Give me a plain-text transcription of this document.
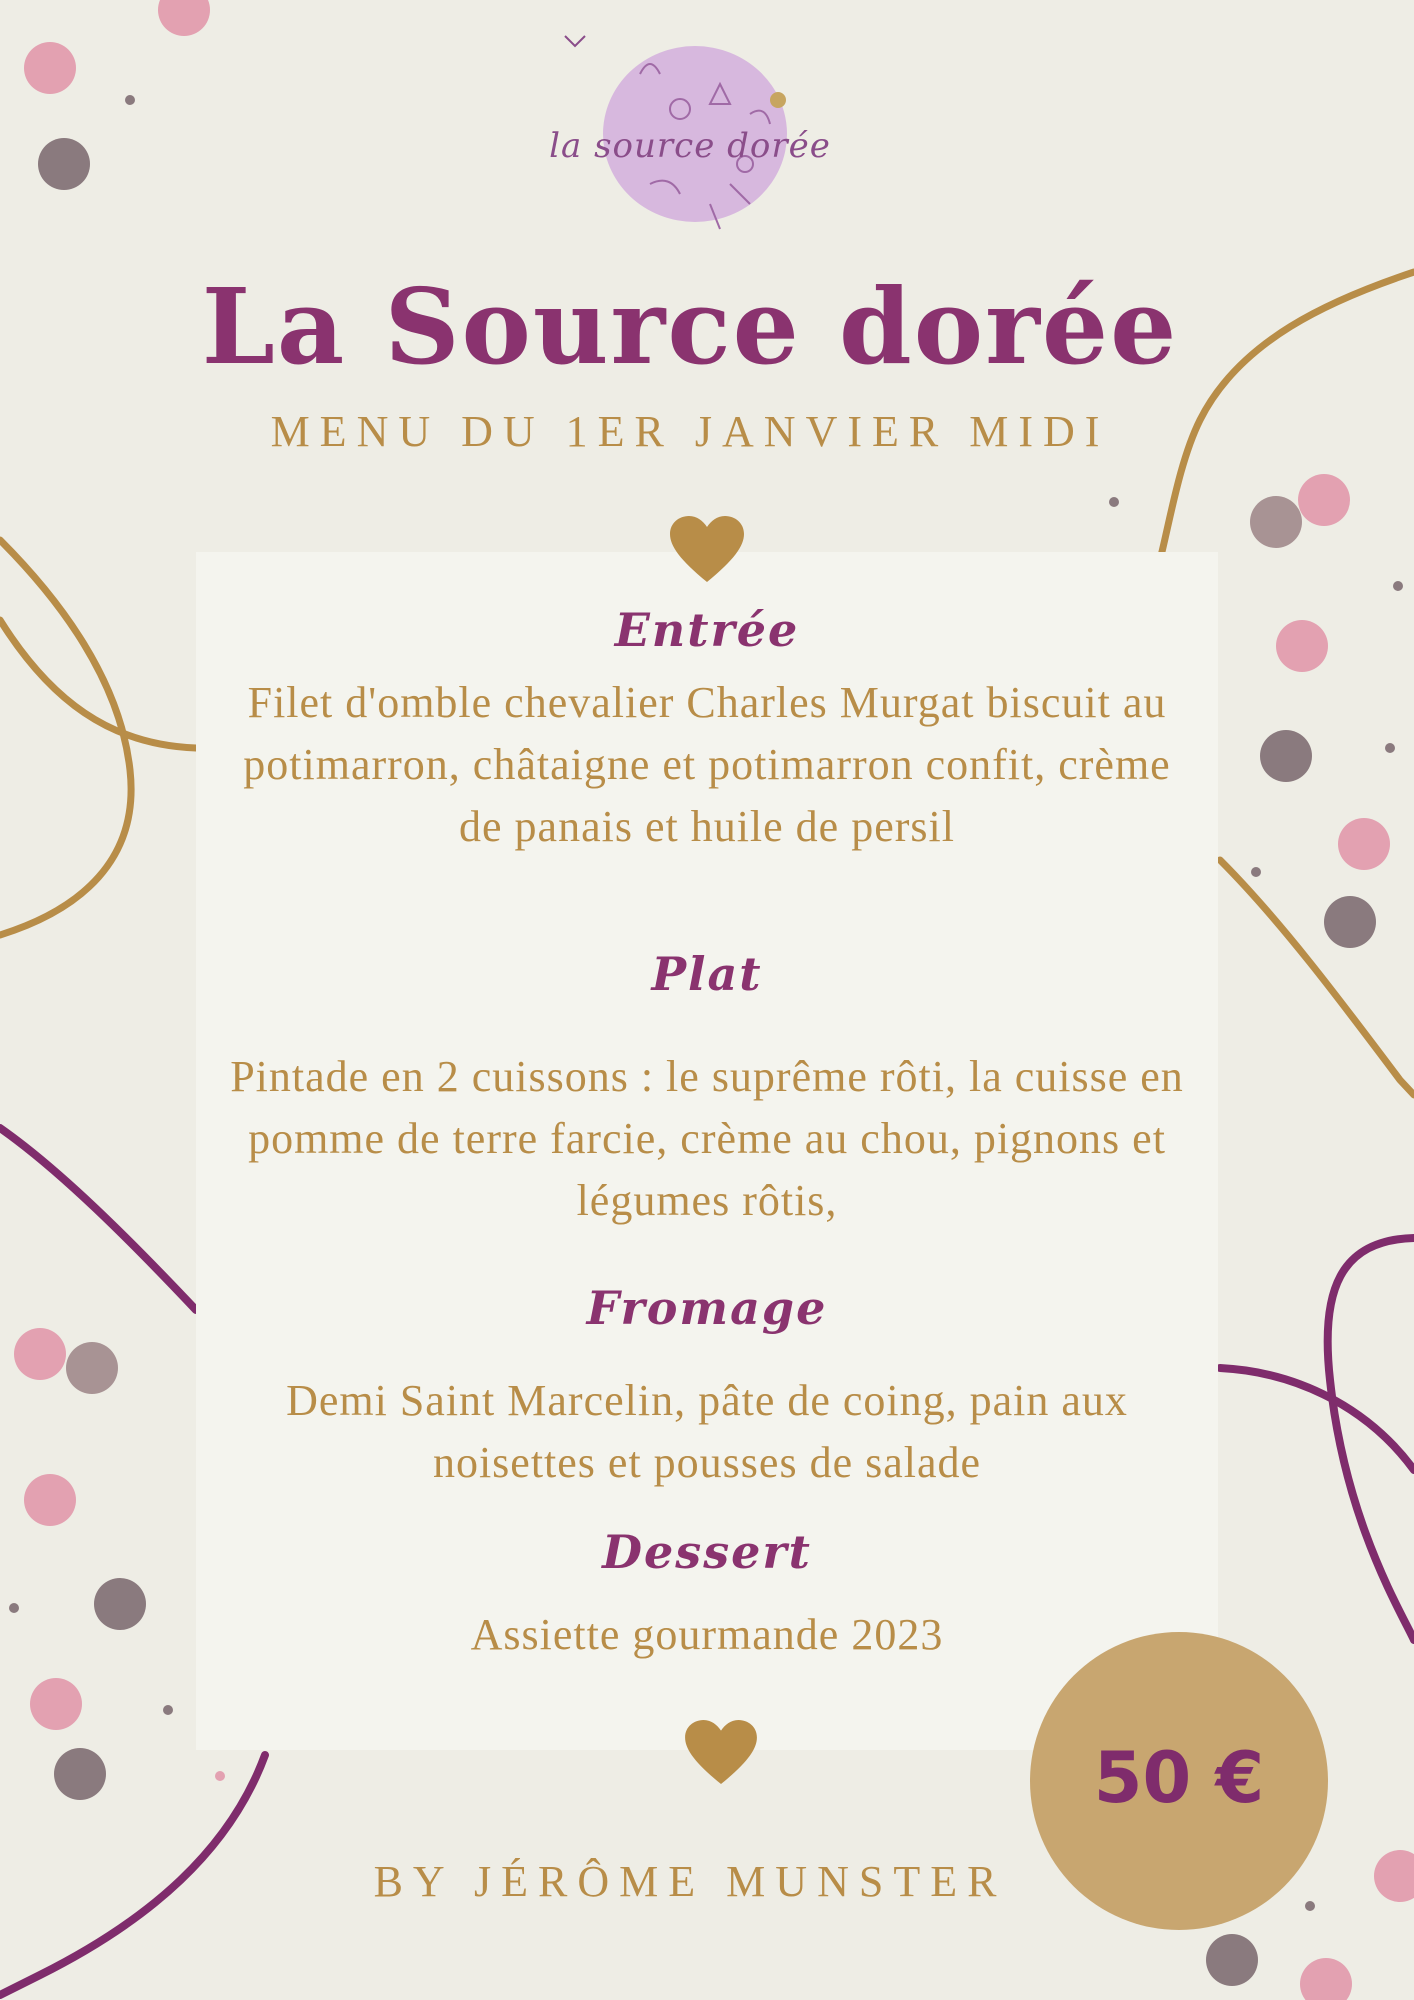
la source dorée
La Source dorée
MENU DU 1ER JANVIER MIDI
Entrée
Filet d'omble chevalier Charles Murgat biscuit au potimarron, châtaigne et potimarron confit, crème de panais et huile de persil
Plat
Pintade en 2 cuissons : le suprême rôti, la cuisse en pomme de terre farcie, crème au chou, pignons et légumes rôtis,
Fromage
Demi Saint Marcelin, pâte de coing, pain aux noisettes et pousses de salade
Dessert
Assiette gourmande 2023
50 €
BY JÉRÔME MUNSTER
